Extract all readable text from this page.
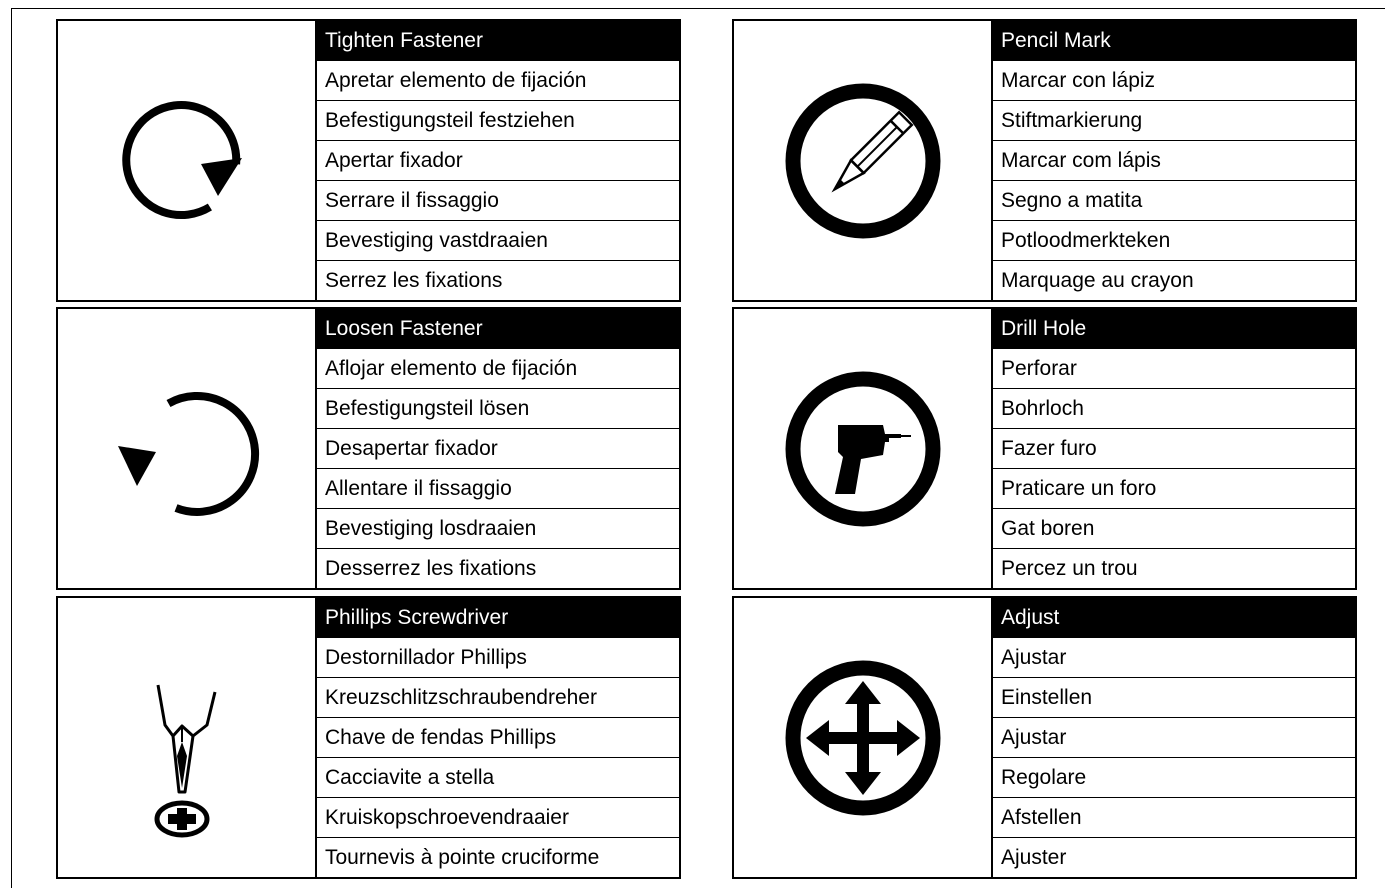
Tighten Fastener
Apretar elemento de fijación
Befestigungsteil festziehen
Apertar fixador
Serrare il fissaggio
Bevestiging vastdraaien
Serrez les fixations
Pencil Mark
Marcar con lápiz
Stiftmarkierung
Marcar com lápis
Segno a matita
Potloodmerkteken
Marquage au crayon
Loosen Fastener
Aflojar elemento de fijación
Befestigungsteil lösen
Desapertar fixador
Allentare il fissaggio
Bevestiging losdraaien
Desserrez les fixations
Drill Hole
Perforar
Bohrloch
Fazer furo
Praticare un foro
Gat boren
Percez un trou
Phillips Screwdriver
Destornillador Phillips
Kreuzschlitzschraubendreher
Chave de fendas Phillips
Cacciavite a stella
Kruiskopschroevendraaier
Tournevis à pointe cruciforme
Adjust
Ajustar
Einstellen
Ajustar
Regolare
Afstellen
Ajuster
